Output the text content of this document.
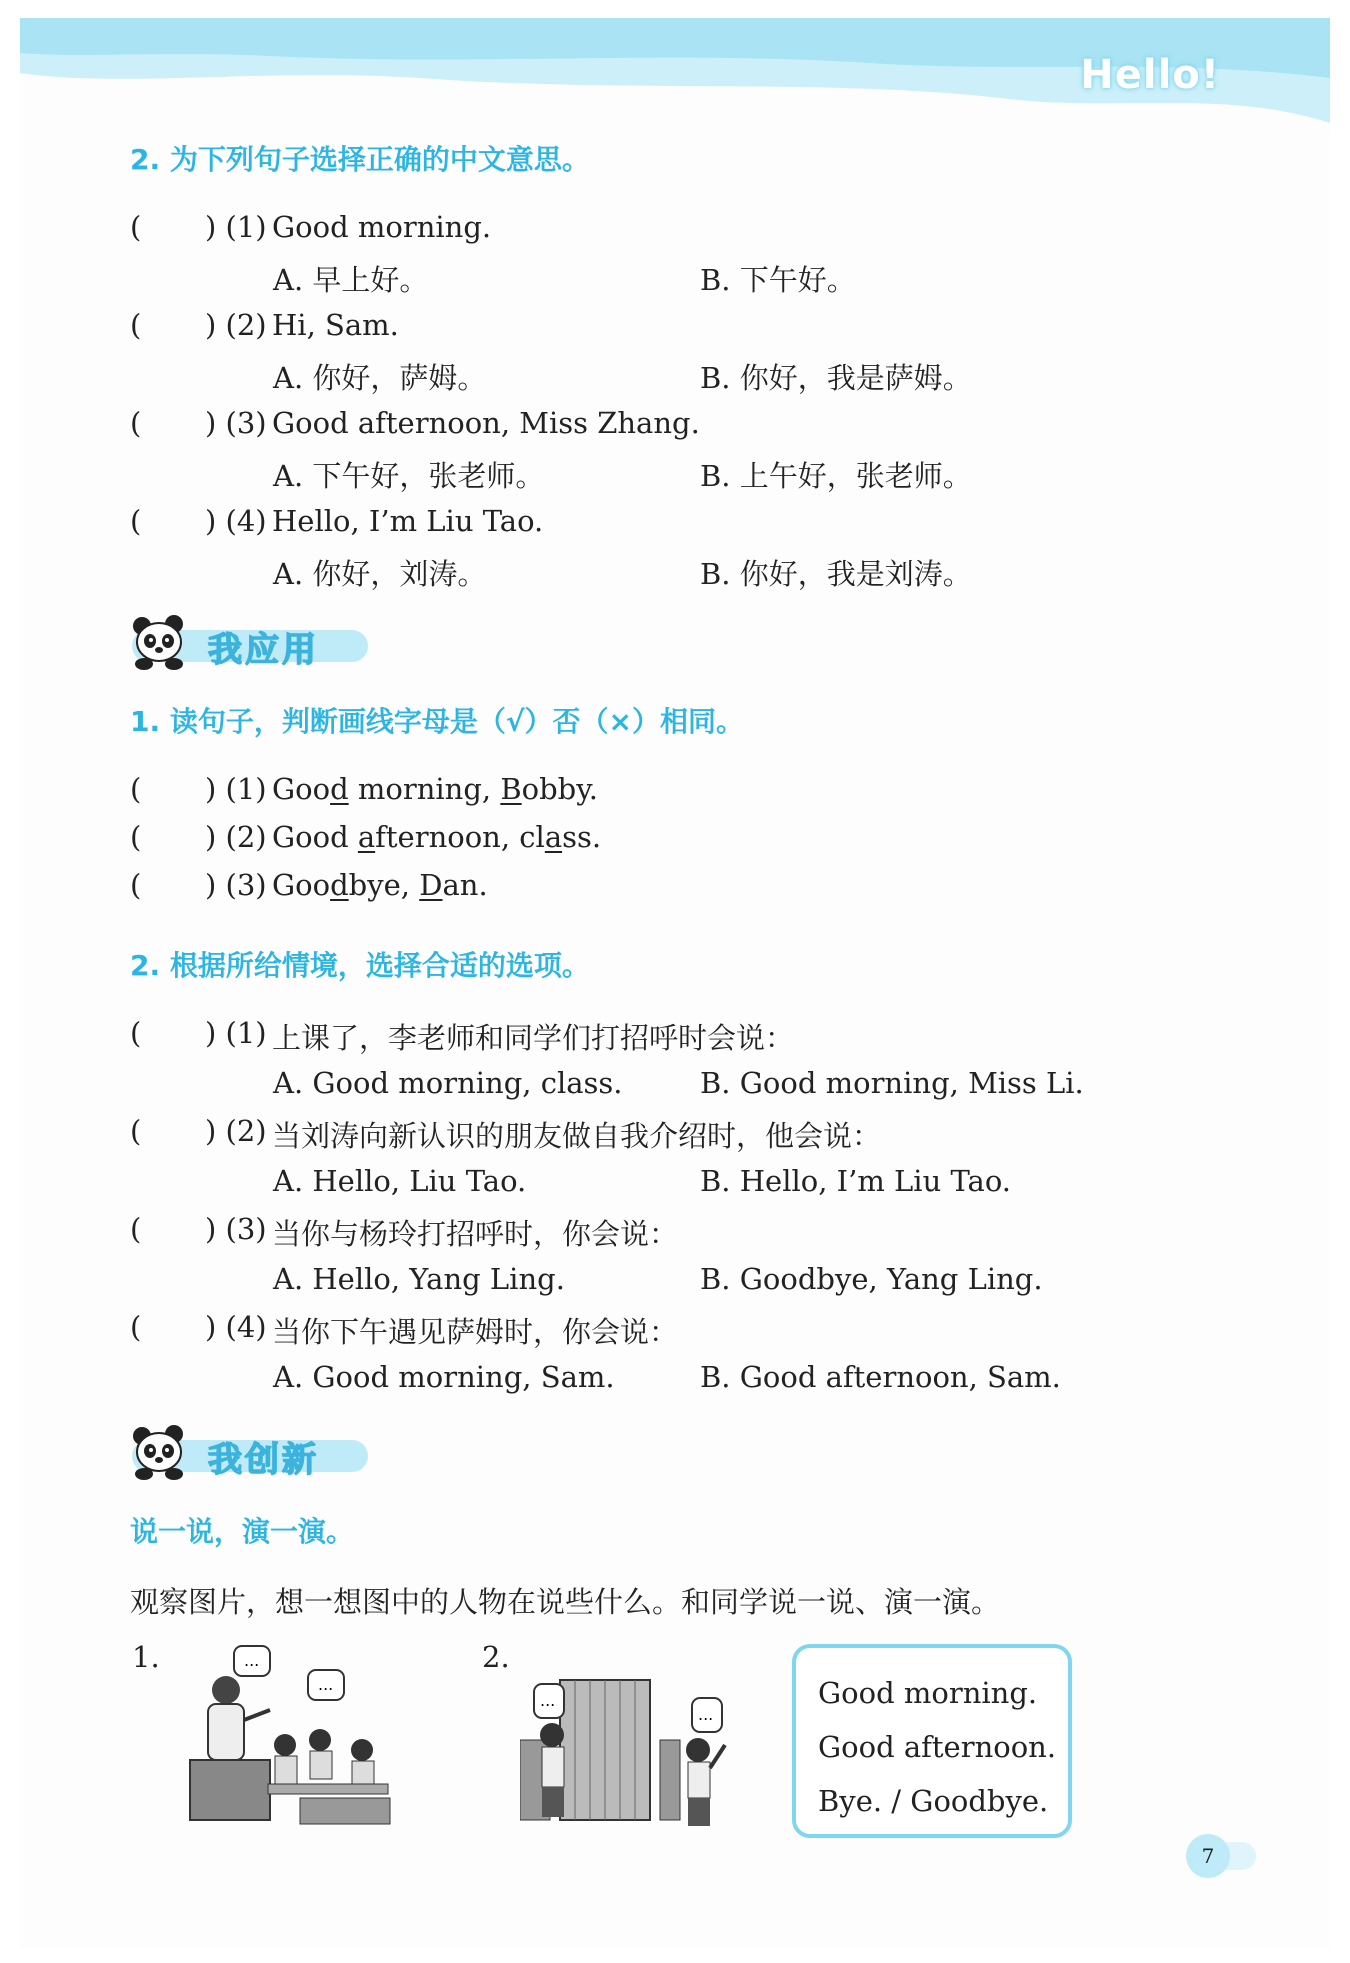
Hello!
2. 为下列句子选择正确的中文意思。
( ) (1) Good morning.
A. 早上好。	B. 下午好。
( ) (2) Hi, Sam.
A. 你好，萨姆。	B. 你好，我是萨姆。
( ) (3) Good afternoon, Miss Zhang.
A. 下午好，张老师。	B. 上午好，张老师。
( ) (4) Hello, I’m Liu Tao.
A. 你好，刘涛。	B. 你好，我是刘涛。
我应用
1. 读句子，判断画线字母是（√）否（×）相同。
( ) (1) Good morning, Bobby.
( ) (2) Good afternoon, class.
( ) (3) Goodbye, Dan.
2. 根据所给情境，选择合适的选项。
( ) (1) 上课了，李老师和同学们打招呼时会说：
A. Good morning, class.	B. Good morning, Miss Li.
( ) (2) 当刘涛向新认识的朋友做自我介绍时，他会说：
A. Hello, Liu Tao.	B. Hello, I’m Liu Tao.
( ) (3) 当你与杨玲打招呼时，你会说：
A. Hello, Yang Ling.	B. Goodbye, Yang Ling.
( ) (4) 当你下午遇见萨姆时，你会说：
A. Good morning, Sam.	B. Good afternoon, Sam.
我创新
说一说，演一演。
观察图片，想一想图中的人物在说些什么。和同学说一说、演一演。
1.	...
...
2.
...
...
Good morning.
Good afternoon.
Bye. / Goodbye.
7
